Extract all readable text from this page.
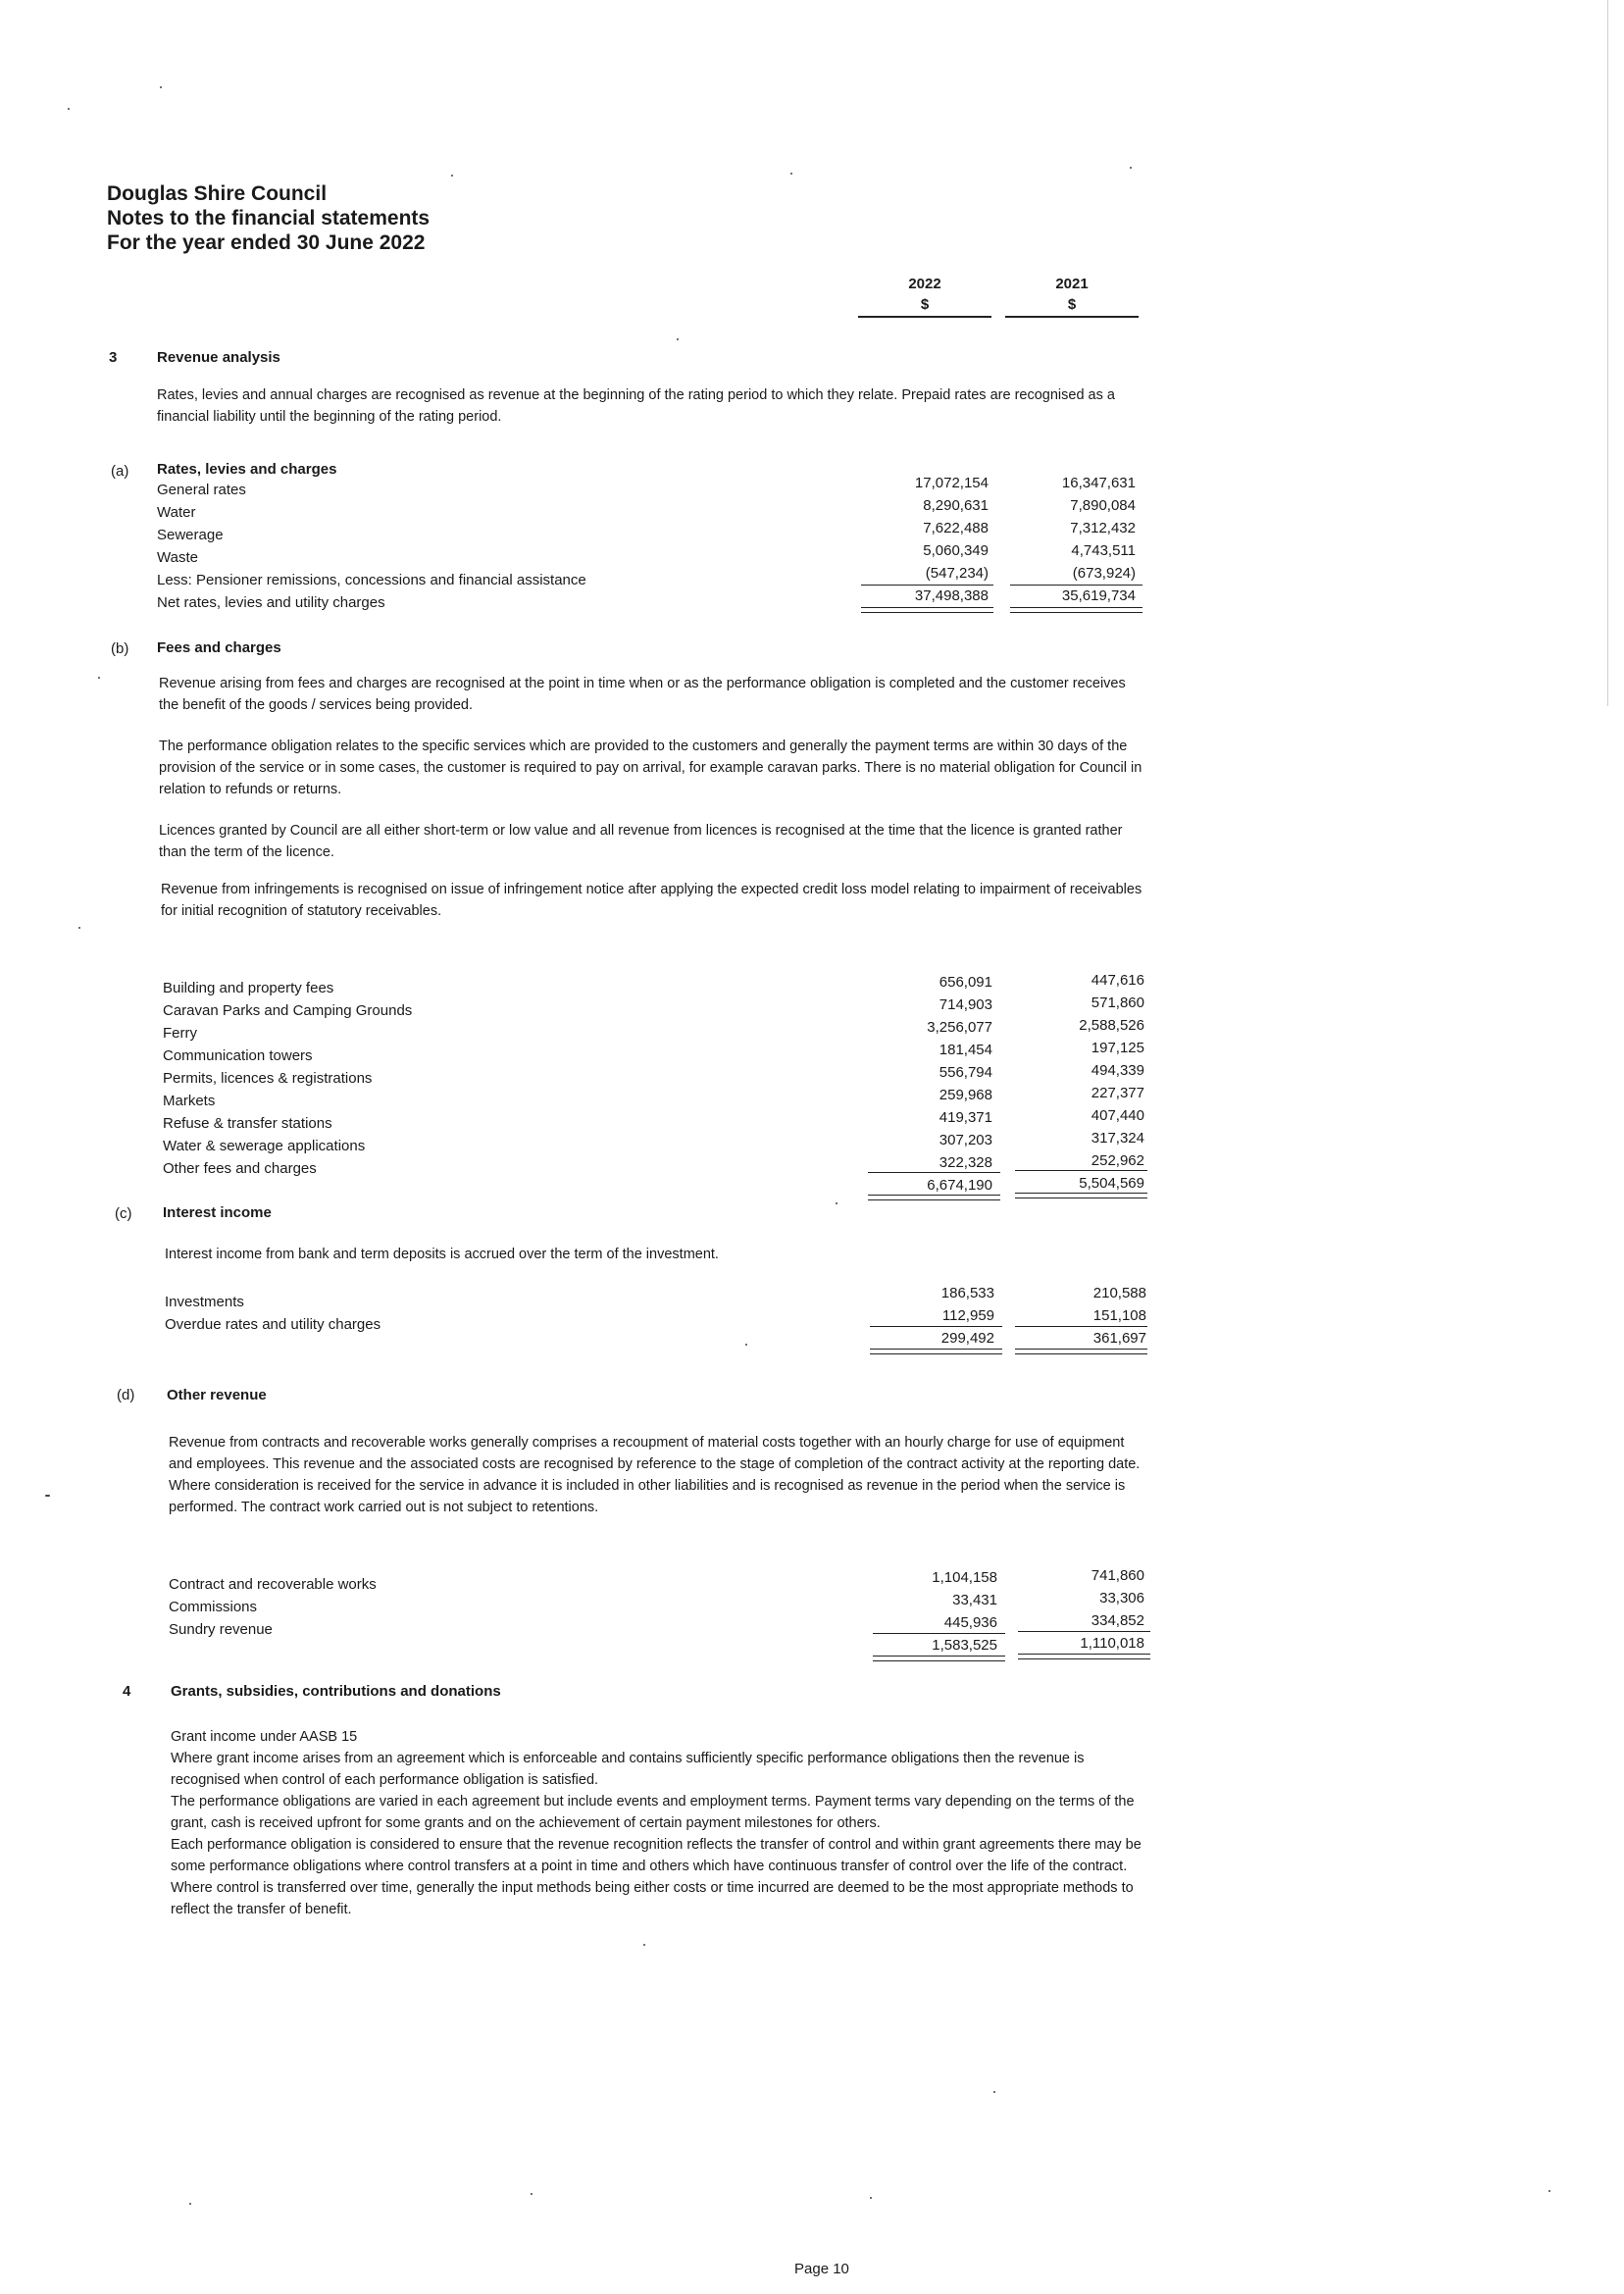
Douglas Shire Council
Notes to the financial statements
For the year ended 30 June 2022
2022
$
2021
$
3	Revenue analysis
Rates, levies and annual charges are recognised as revenue at the beginning of the rating period to which they relate. Prepaid rates are recognised as a financial liability until the beginning of the rating period.
(a) Rates, levies and charges
General rates
Water
Sewerage
Waste
Less: Pensioner remissions, concessions and financial assistance
Net rates, levies and utility charges
17,072,154
8,290,631
7,622,488
5,060,349
(547,234)
37,498,388
16,347,631
7,890,084
7,312,432
4,743,511
(673,924)
35,619,734
(b) Fees and charges
Revenue arising from fees and charges are recognised at the point in time when or as the performance obligation is completed and the customer receives the benefit of the goods / services being provided.
The performance obligation relates to the specific services which are provided to the customers and generally the payment terms are within 30 days of the provision of the service or in some cases, the customer is required to pay on arrival, for example caravan parks. There is no material obligation for Council in relation to refunds or returns.
Licences granted by Council are all either short-term or low value and all revenue from licences is recognised at the time that the licence is granted rather than the term of the licence.
Revenue from infringements is recognised on issue of infringement notice after applying the expected credit loss model relating to impairment of receivables for initial recognition of statutory receivables.
Building and property fees
Caravan Parks and Camping Grounds
Ferry
Communication towers
Permits, licences & registrations
Markets
Refuse & transfer stations
Water & sewerage applications
Other fees and charges
656,091
714,903
3,256,077
181,454
556,794
259,968
419,371
307,203
322,328
6,674,190
447,616
571,860
2,588,526
197,125
494,339
227,377
407,440
317,324
252,962
5,504,569
(c) Interest income
Interest income from bank and term deposits is accrued over the term of the investment.
Investments
Overdue rates and utility charges
186,533
112,959
299,492
210,588
151,108
361,697
(d) Other revenue
Revenue from contracts and recoverable works generally comprises a recoupment of material costs together with an hourly charge for use of equipment and employees. This revenue and the associated costs are recognised by reference to the stage of completion of the contract activity at the reporting date. Where consideration is received for the service in advance it is included in other liabilities and is recognised as revenue in the period when the service is performed. The contract work carried out is not subject to retentions.
Contract and recoverable works
Commissions
Sundry revenue
1,104,158
33,431
445,936
1,583,525
741,860
33,306
334,852
1,110,018
4	Grants, subsidies, contributions and donations
Grant income under AASB 15
Where grant income arises from an agreement which is enforceable and contains sufficiently specific performance obligations then the revenue is recognised when control of each performance obligation is satisfied.
The performance obligations are varied in each agreement but include events and employment terms. Payment terms vary depending on the terms of the grant, cash is received upfront for some grants and on the achievement of certain payment milestones for others.
Each performance obligation is considered to ensure that the revenue recognition reflects the transfer of control and within grant agreements there may be some performance obligations where control transfers at a point in time and others which have continuous transfer of control over the life of the contract.
Where control is transferred over time, generally the input methods being either costs or time incurred are deemed to be the most appropriate methods to reflect the transfer of benefit.
Page 10
